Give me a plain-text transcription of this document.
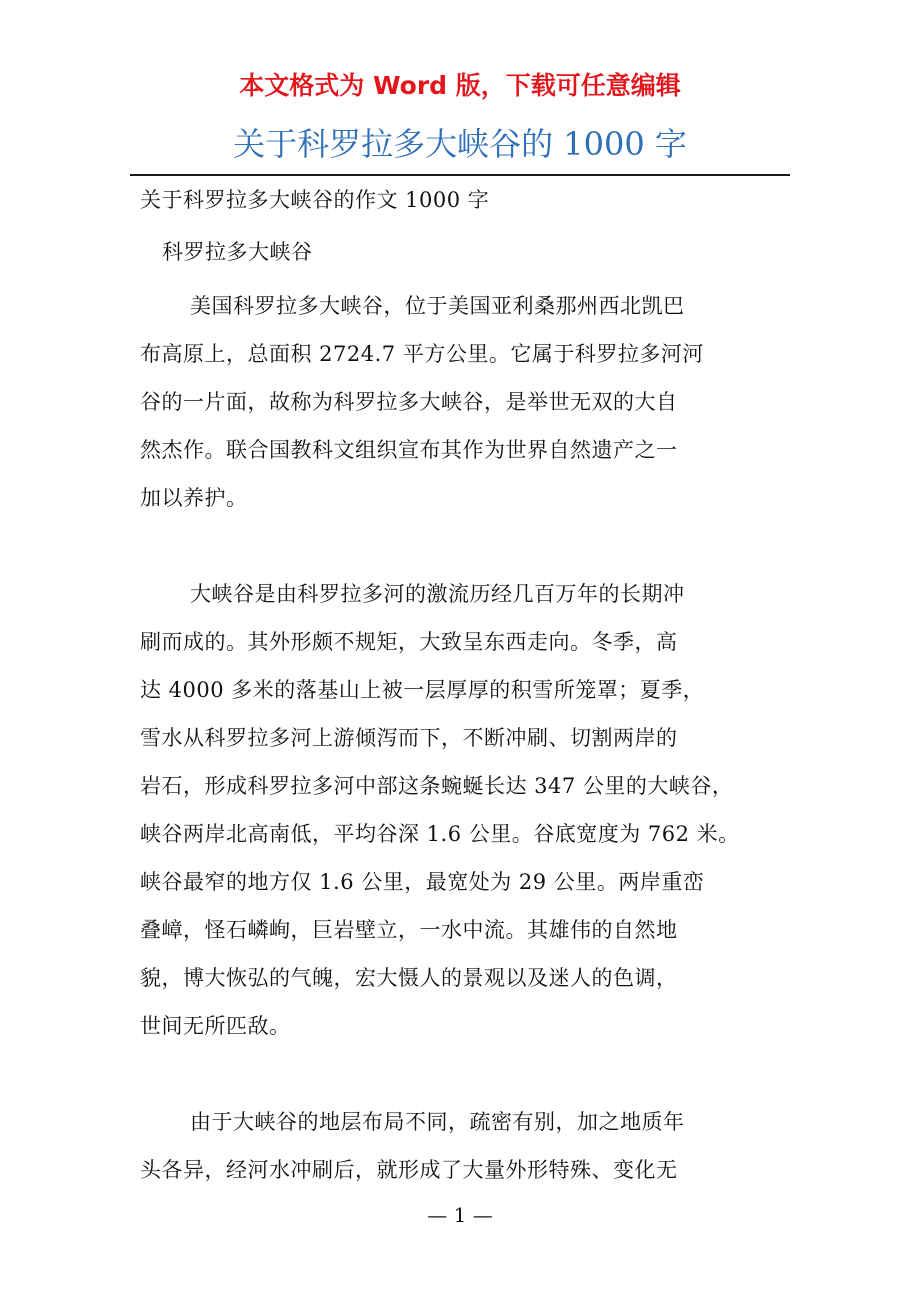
本文格式为 Word 版，下载可任意编辑

关于科罗拉多大峡谷的 1000 字

关于科罗拉多大峡谷的作文 1000 字

科罗拉多大峡谷

美国科罗拉多大峡谷，位于美国亚利桑那州西北凯巴
布高原上，总面积 2724.7 平方公里。它属于科罗拉多河河
谷的一片面，故称为科罗拉多大峡谷，是举世无双的大自
然杰作。联合国教科文组织宣布其作为世界自然遗产之一
加以养护。

大峡谷是由科罗拉多河的激流历经几百万年的长期冲
刷而成的。其外形颇不规矩，大致呈东西走向。冬季，高
达 4000 多米的落基山上被一层厚厚的积雪所笼罩；夏季，
雪水从科罗拉多河上游倾泻而下，不断冲刷、切割两岸的
岩石，形成科罗拉多河中部这条蜿蜒长达 347 公里的大峡谷，
峡谷两岸北高南低，平均谷深 1.6 公里。谷底宽度为 762 米。
峡谷最窄的地方仅 1.6 公里，最宽处为 29 公里。两岸重峦
叠嶂，怪石嶙峋，巨岩壁立，一水中流。其雄伟的自然地
貌，博大恢弘的气魄，宏大慑人的景观以及迷人的色调，
世间无所匹敌。

由于大峡谷的地层布局不同，疏密有别，加之地质年
头各异，经河水冲刷后，就形成了大量外形特殊、变化无

— 1 —
